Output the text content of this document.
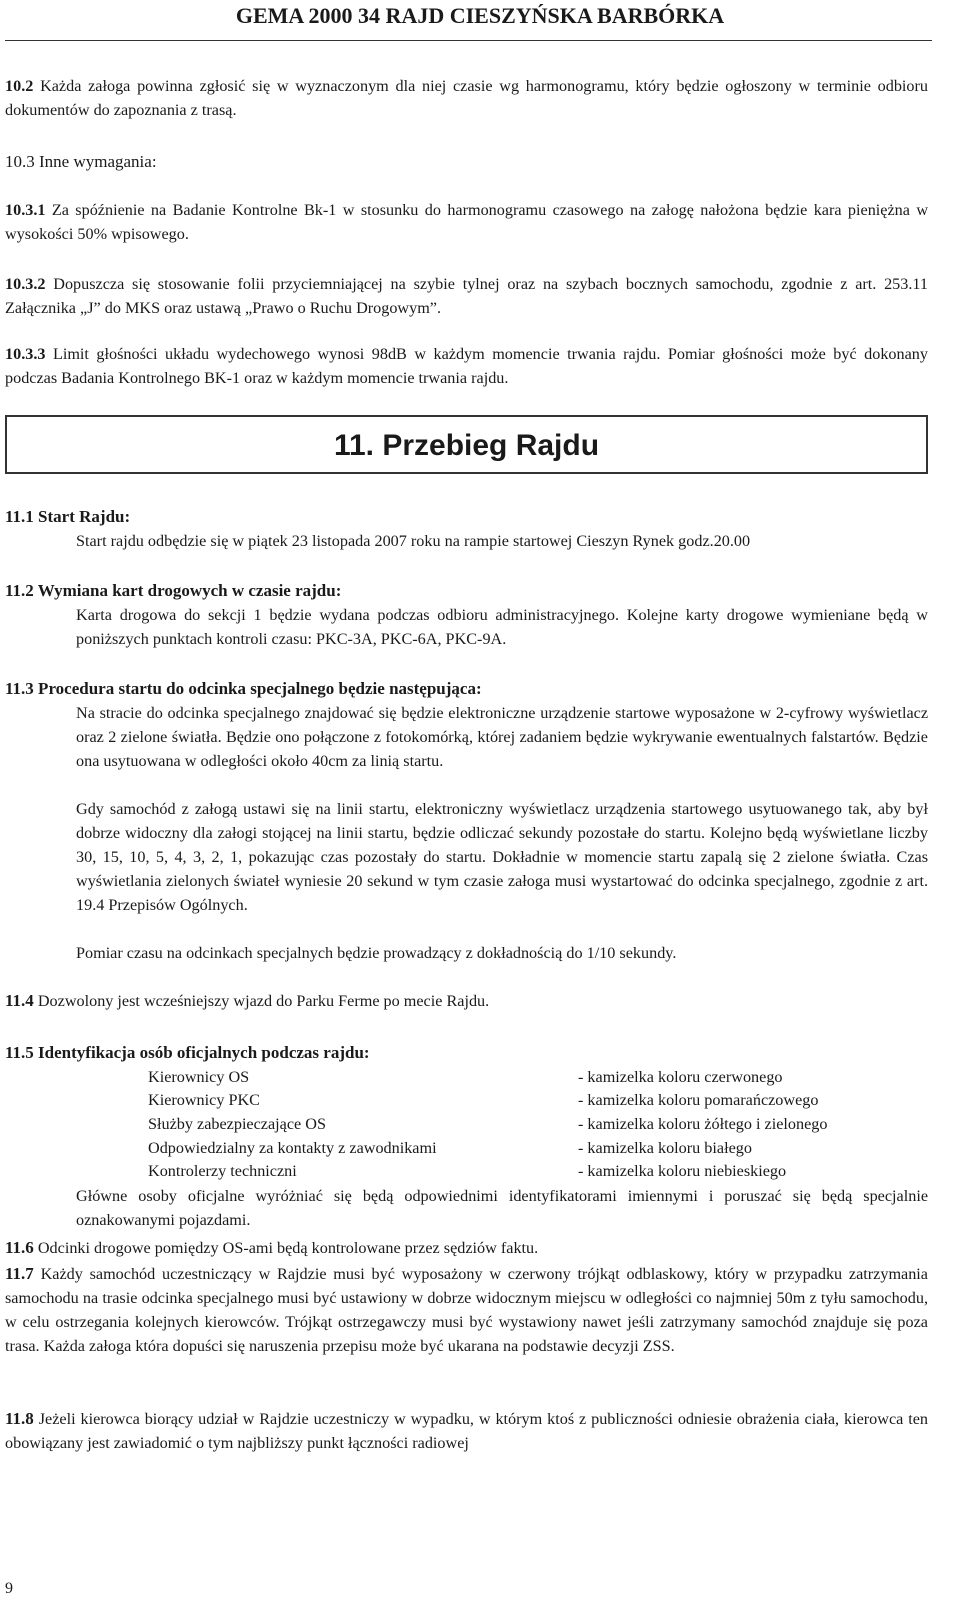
GEMA 2000 34 RAJD CIESZYŃSKA BARBÓRKA

10.2 Każda załoga powinna zgłosić się w wyznaczonym dla niej czasie wg harmonogramu, który będzie ogłoszony w terminie odbioru dokumentów do zapoznania z trasą.

10.3 Inne wymagania:

10.3.1 Za spóźnienie na Badanie Kontrolne Bk-1 w stosunku do harmonogramu czasowego na załogę nałożona będzie kara pieniężna w wysokości 50% wpisowego.

10.3.2 Dopuszcza się stosowanie folii przyciemniającej na szybie tylnej oraz na szybach bocznych samochodu, zgodnie z art. 253.11 Załącznika „J” do MKS oraz ustawą „Prawo o Ruchu Drogowym”.

10.3.3 Limit głośności układu wydechowego wynosi 98dB w każdym momencie trwania rajdu. Pomiar głośności może być dokonany podczas Badania Kontrolnego BK-1 oraz w każdym momencie trwania rajdu.

11. Przebieg Rajdu

11.1 Start Rajdu:

Start rajdu odbędzie się w piątek 23 listopada 2007 roku na rampie startowej Cieszyn Rynek godz.20.00

11.2 Wymiana kart drogowych w czasie rajdu:

Karta drogowa do sekcji 1 będzie wydana podczas odbioru administracyjnego. Kolejne karty drogowe wymieniane będą w poniższych punktach kontroli czasu: PKC-3A, PKC-6A, PKC-9A.

11.3 Procedura startu do odcinka specjalnego będzie następująca:

Na stracie do odcinka specjalnego znajdować się będzie elektroniczne urządzenie startowe wyposażone w 2-cyfrowy wyświetlacz oraz 2 zielone światła. Będzie ono połączone z fotokomórką, której zadaniem będzie wykrywanie ewentualnych falstartów. Będzie ona usytuowana w odległości około 40cm za linią startu.

Gdy samochód z załogą ustawi się na linii startu, elektroniczny wyświetlacz urządzenia startowego usytuowanego tak, aby był dobrze widoczny dla załogi stojącej na linii startu, będzie odliczać sekundy pozostałe do startu. Kolejno będą wyświetlane liczby 30, 15, 10, 5, 4, 3, 2, 1, pokazując czas pozostały do startu. Dokładnie w momencie startu zapalą się 2 zielone światła. Czas wyświetlania zielonych świateł wyniesie 20 sekund w tym czasie załoga musi wystartować do odcinka specjalnego, zgodnie z art. 19.4 Przepisów Ogólnych.

Pomiar czasu na odcinkach specjalnych będzie prowadzący z dokładnością do 1/10 sekundy.

11.4 Dozwolony jest wcześniejszy wjazd do Parku Ferme po mecie Rajdu.

11.5 Identyfikacja osób oficjalnych podczas rajdu:

Kierownicy OS	- kamizelka koloru czerwonego
Kierownicy PKC	- kamizelka koloru pomarańczowego
Służby zabezpieczające OS	- kamizelka koloru żółtego i zielonego
Odpowiedzialny za kontakty z zawodnikami	- kamizelka koloru białego
Kontrolerzy techniczni	- kamizelka koloru niebieskiego

Główne osoby oficjalne wyróżniać się będą odpowiednimi identyfikatorami imiennymi i poruszać się będą specjalnie oznakowanymi pojazdami.

11.6 Odcinki drogowe pomiędzy OS-ami będą kontrolowane przez sędziów faktu.

11.7 Każdy samochód uczestniczący w Rajdzie musi być wyposażony w czerwony trójkąt odblaskowy, który w przypadku zatrzymania samochodu na trasie odcinka specjalnego musi być ustawiony w dobrze widocznym miejscu w odległości co najmniej 50m z tyłu samochodu, w celu ostrzegania kolejnych kierowców. Trójkąt ostrzegawczy musi być wystawiony nawet jeśli zatrzymany samochód znajduje się poza trasa. Każda załoga która dopuści się naruszenia przepisu może być ukarana na podstawie decyzji ZSS.

11.8 Jeżeli kierowca biorący udział w Rajdzie uczestniczy w wypadku, w którym ktoś z publiczności odniesie obrażenia ciała, kierowca ten obowiązany jest zawiadomić o tym najbliższy punkt łączności radiowej

9
